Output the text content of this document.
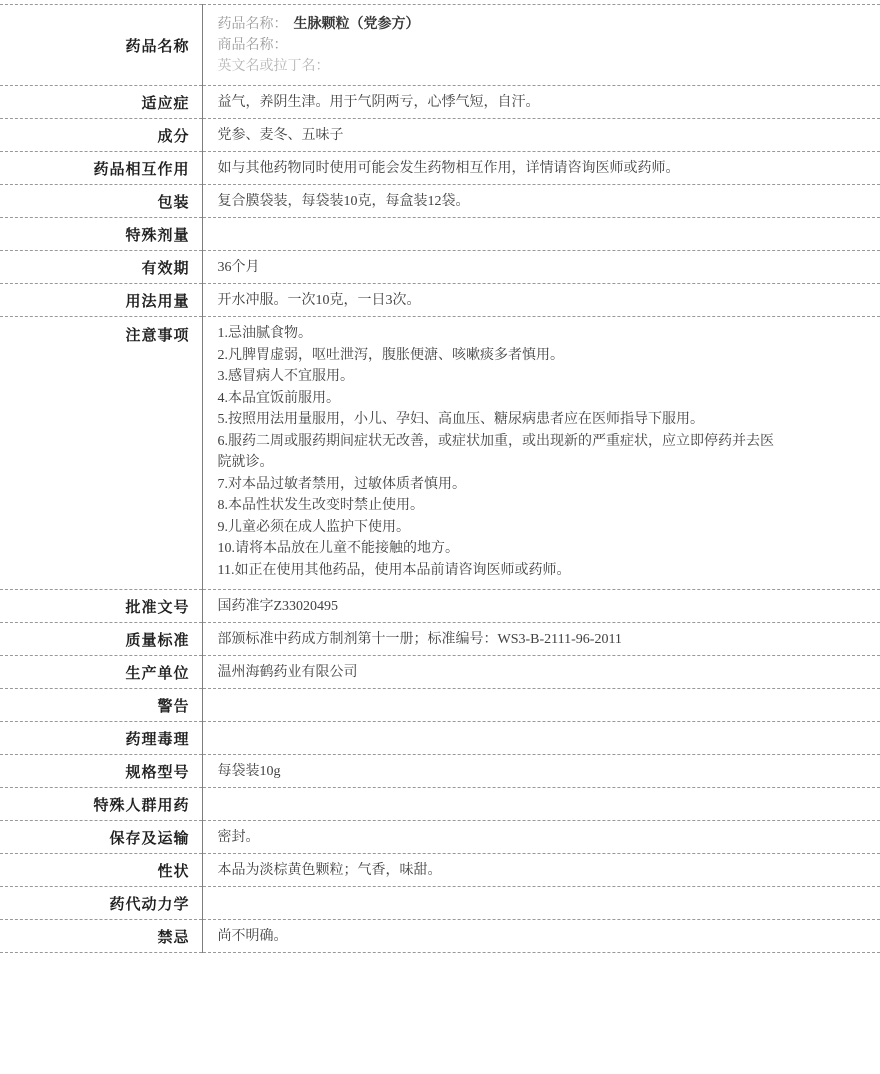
药品名称	药品名称： 生脉颗粒（党参方）
商品名称：
英文名或拉丁名：

适应症	益气，养阴生津。用于气阴两亏，心悸气短，自汗。
成分	党参、麦冬、五味子
药品相互作用	如与其他药物同时使用可能会发生药物相互作用，详情请咨询医师或药师。
包装	复合膜袋装，每袋装10克，每盒装12袋。
特殊剂量	
有效期	36个月
用法用量	开水冲服。一次10克，一日3次。
注意事项	1.忌油腻食物。
2.凡脾胃虚弱，呕吐泄泻，腹胀便溏、咳嗽痰多者慎用。
3.感冒病人不宜服用。
4.本品宜饭前服用。
5.按照用法用量服用，小儿、孕妇、高血压、糖尿病患者应在医师指导下服用。
6.服药二周或服药期间症状无改善，或症状加重，或出现新的严重症状，应立即停药并去医院就诊。
7.对本品过敏者禁用，过敏体质者慎用。
8.本品性状发生改变时禁止使用。
9.儿童必须在成人监护下使用。
10.请将本品放在儿童不能接触的地方。
11.如正在使用其他药品，使用本品前请咨询医师或药师。

批准文号	国药准字Z33020495
质量标准	部颁标准中药成方制剂第十一册；标准编号：WS3-B-2111-96-2011
生产单位	温州海鹤药业有限公司
警告	
药理毒理	
规格型号	每袋装10g
特殊人群用药	
保存及运输	密封。
性状	本品为淡棕黄色颗粒；气香，味甜。
药代动力学	
禁忌	尚不明确。
